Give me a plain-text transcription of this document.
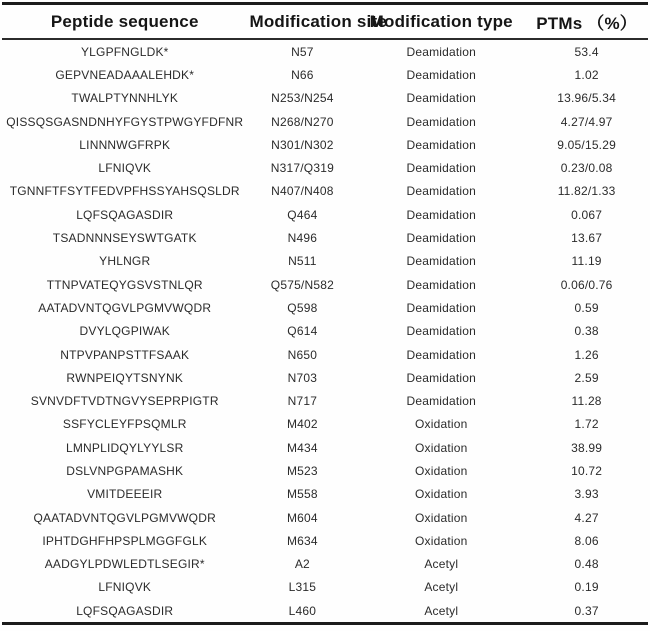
Peptide sequence	Modification site	Modification type	PTMs （%）
YLGPFNGLDK*	N57	Deamidation	53.4
GEPVNEADAAALEHDK*	N66	Deamidation	1.02
TWALPTYNNHLYK	N253/N254	Deamidation	13.96/5.34
QISSQSGASNDNHYFGYSTPWGYFDFNR	N268/N270	Deamidation	4.27/4.97
LINNNWGFRPK	N301/N302	Deamidation	9.05/15.29
LFNIQVK	N317/Q319	Deamidation	0.23/0.08
TGNNFTFSYTFEDVPFHSSYAHSQSLDR	N407/N408	Deamidation	11.82/1.33
LQFSQAGASDIR	Q464	Deamidation	0.067
TSADNNNSEYSWTGATK	N496	Deamidation	13.67
YHLNGR	N511	Deamidation	11.19
TTNPVATEQYGSVSTNLQR	Q575/N582	Deamidation	0.06/0.76
AATADVNTQGVLPGMVWQDR	Q598	Deamidation	0.59
DVYLQGPIWAK	Q614	Deamidation	0.38
NTPVPANPSTTFSAAK	N650	Deamidation	1.26
RWNPEIQYTSNYNK	N703	Deamidation	2.59
SVNVDFTVDTNGVYSEPRPIGTR	N717	Deamidation	11.28
SSFYCLEYFPSQMLR	M402	Oxidation	1.72
LMNPLIDQYLYYLSR	M434	Oxidation	38.99
DSLVNPGPAMASHK	M523	Oxidation	10.72
VMITDEEEIR	M558	Oxidation	3.93
QAATADVNTQGVLPGMVWQDR	M604	Oxidation	4.27
IPHTDGHFHPSPLMGGFGLK	M634	Oxidation	8.06
AADGYLPDWLEDTLSEGIR*	A2	Acetyl	0.48
LFNIQVK	L315	Acetyl	0.19
LQFSQAGASDIR	L460	Acetyl	0.37
